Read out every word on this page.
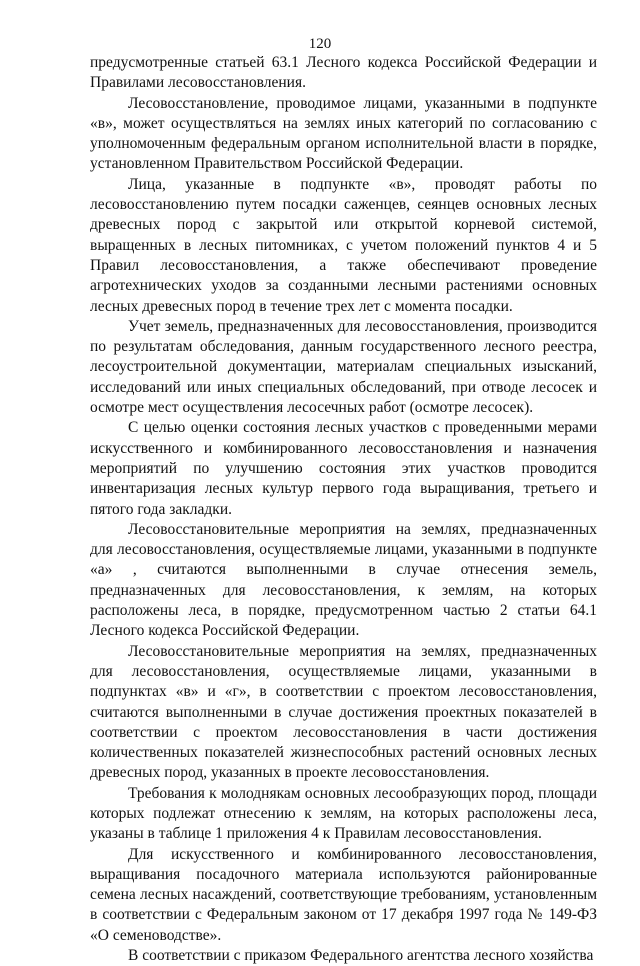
120

предусмотренные статьей 63.1 Лесного кодекса Российской Федерации и Правилами лесовосстановления.

Лесовосстановление, проводимое лицами, указанными в подпункте «в», может осуществляться на землях иных категорий по согласованию с уполномоченным федеральным органом исполнительной власти в порядке, установленном Правительством Российской Федерации.

Лица, указанные в подпункте «в», проводят работы по лесовосстановлению путем посадки саженцев, сеянцев основных лесных древесных пород с закрытой или открытой корневой системой, выращенных в лесных питомниках, с учетом положений пунктов 4 и 5 Правил лесовосстановления, а также обеспечивают проведение агротехнических уходов за созданными лесными растениями основных лесных древесных пород в течение трех лет с момента посадки.

Учет земель, предназначенных для лесовосстановления, производится по результатам обследования, данным государственного лесного реестра, лесоустроительной документации, материалам специальных изысканий, исследований или иных специальных обследований, при отводе лесосек и осмотре мест осуществления лесосечных работ (осмотре лесосек).

С целью оценки состояния лесных участков с проведенными мерами искусственного и комбинированного лесовосстановления и назначения мероприятий по улучшению состояния этих участков проводится инвентаризация лесных культур первого года выращивания, третьего и пятого года закладки.

Лесовосстановительные мероприятия на землях, предназначенных для лесовосстановления, осуществляемые лицами, указанными в подпункте «а» , считаются выполненными в случае отнесения земель, предназначенных для лесовосстановления, к землям, на которых расположены леса, в порядке, предусмотренном частью 2 статьи 64.1 Лесного кодекса Российской Федерации.

Лесовосстановительные мероприятия на землях, предназначенных для лесовосстановления, осуществляемые лицами, указанными в подпунктах «в» и «г», в соответствии с проектом лесовосстановления, считаются выполненными в случае достижения проектных показателей в соответствии с проектом лесовосстановления в части достижения количественных показателей жизнеспособных растений основных лесных древесных пород, указанных в проекте лесовосстановления.

Требования к молоднякам основных лесообразующих пород, площади которых подлежат отнесению к землям, на которых расположены леса, указаны в таблице 1 приложения 4 к Правилам лесовосстановления.

Для искусственного и комбинированного лесовосстановления, выращивания посадочного материала используются районированные семена лесных насаждений, соответствующие требованиям, установленным в соответствии с Федеральным законом от 17 декабря 1997 года № 149-ФЗ «О семеноводстве».

В соответствии с приказом Федерального агентства лесного хозяйства
